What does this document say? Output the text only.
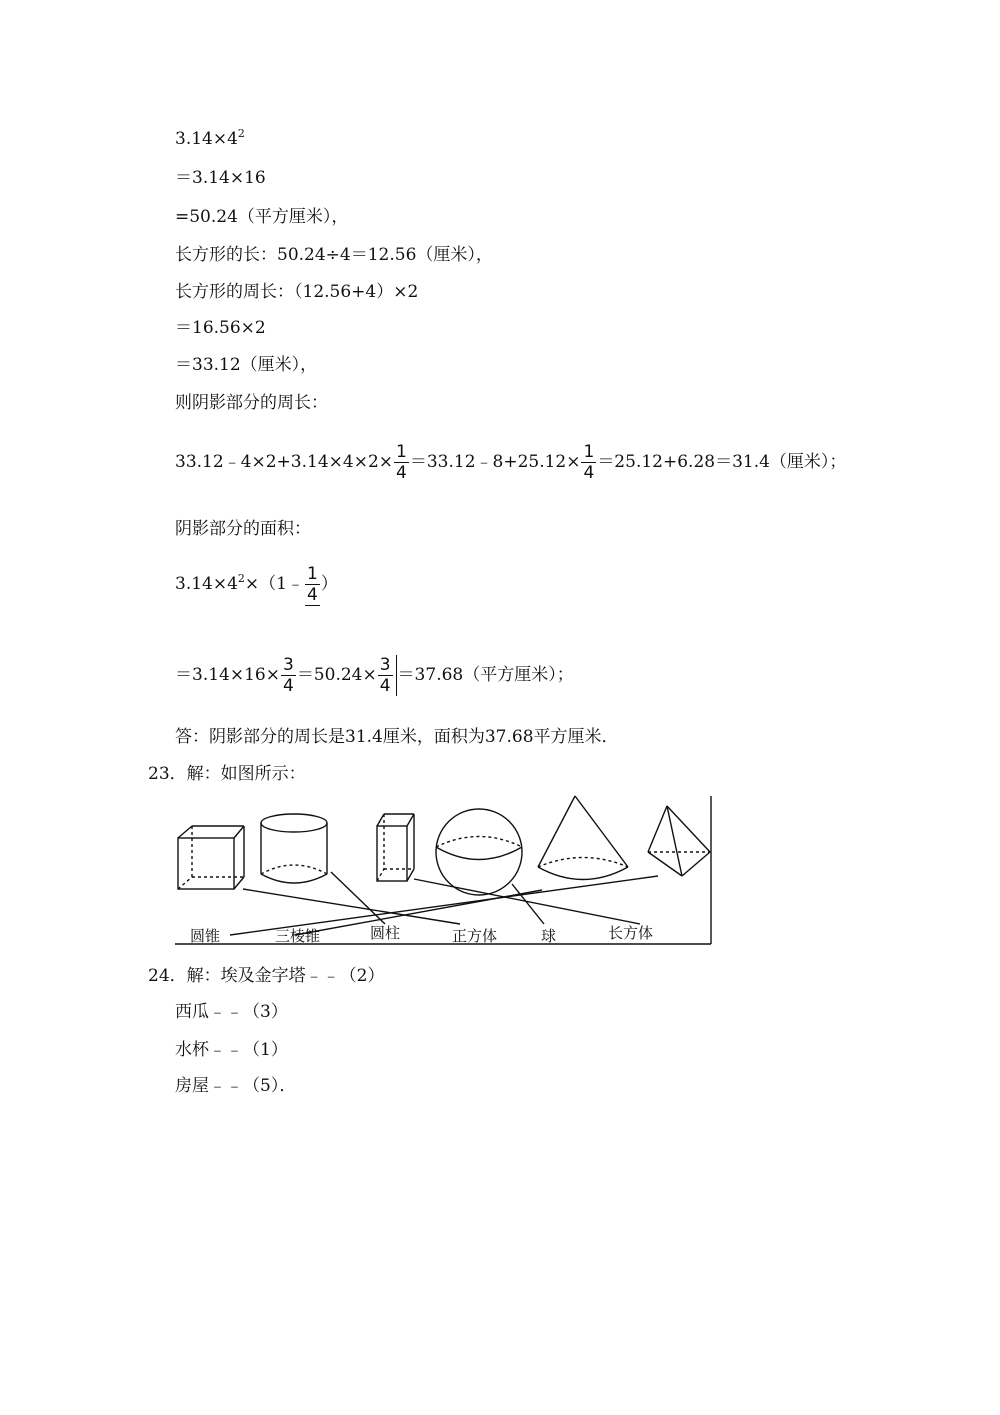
$3.14\times 4^2$
＝3.14×16
=50.24（平方厘米），
长方形的长：50.24÷4＝12.56（厘米），
长方形的周长：（12.56+4）×2
＝16.56×2
＝33.12（厘米），
则阴影部分的周长：
33.12﹣4×2+3.14×4×2× $\frac{1}{4}$ ＝33.12﹣8+25.12× $\frac{1}{4} =25.12+6.28=31.4$（厘米）；
阴影部分的面积：
$3.14\times 4^2\times(1﹣ \frac{1}{4}$ ）
$=3.14\times 16\times \frac{3}{4} =50.24\times \frac{3}{4} =37.68$（平方厘米）；
答：阴影部分的周长是31.4厘米，面积为37.68平方厘米．
23．解：如图所示：
圆锥	三棱锥	圆柱	正方体	球	长方体
24．解：埃及金字塔﹣﹣（2）
西瓜﹣﹣（3）
水杯﹣﹣（1）
房屋﹣﹣（5）．
